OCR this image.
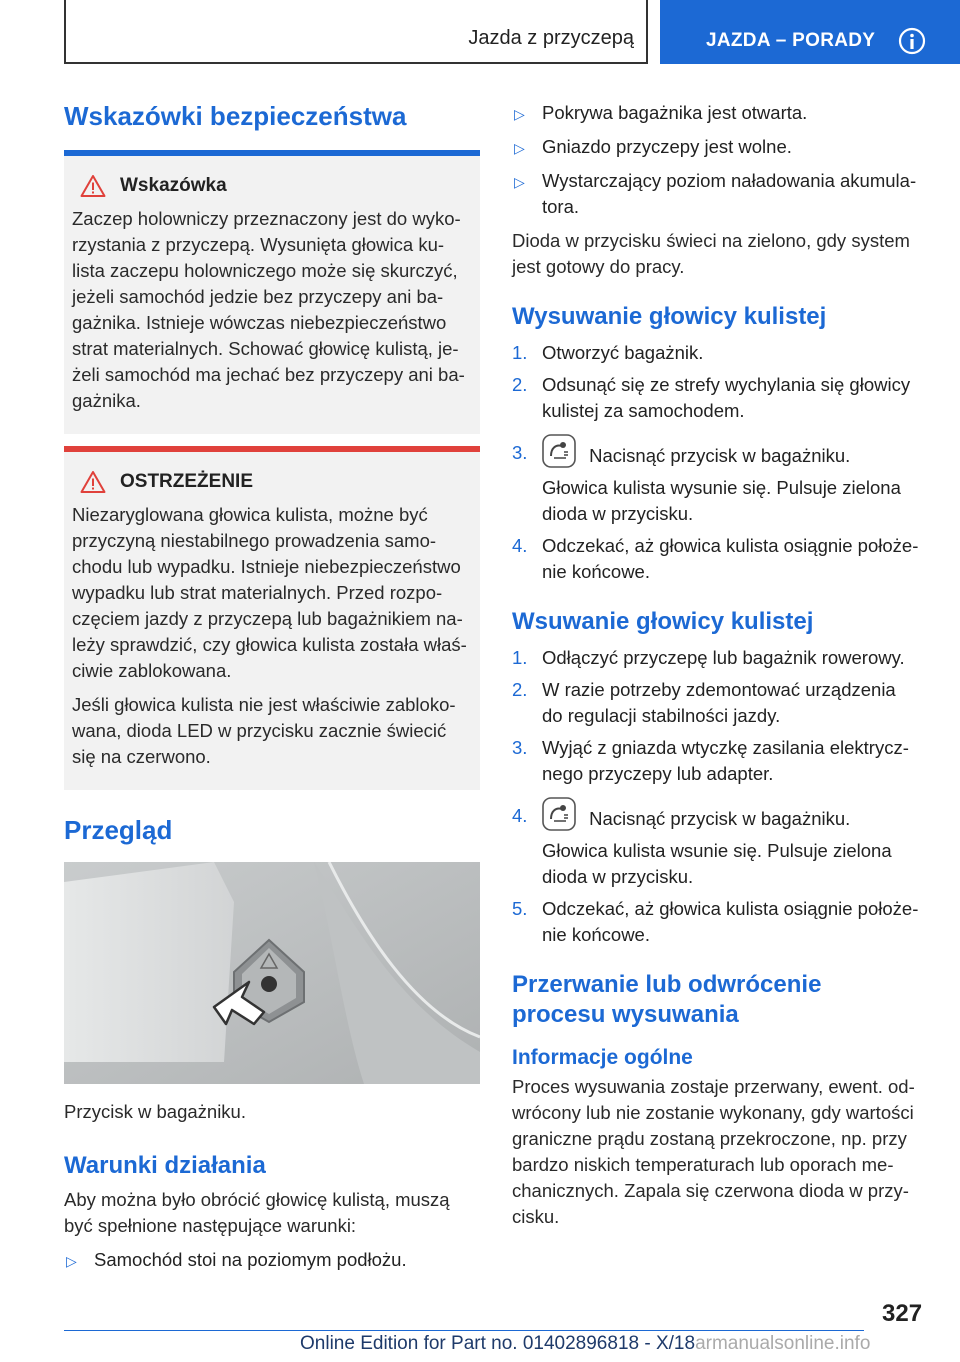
Jazda z przyczepą	JAZDA – PORADY
Wskazówki bezpieczeństwa
Wskazówka
Zaczep holowniczy przeznaczony jest do wyko-
rzystania z przyczepą. Wysunięta głowica ku-
lista zaczepu holowniczego może się skurczyć,
jeżeli samochód jedzie bez przyczepy ani ba-
gażnika. Istnieje wówczas niebezpieczeństwo
strat materialnych. Schować głowicę kulistą, je-
żeli samochód ma jechać bez przyczepy ani ba-
gażnika.
OSTRZEŻENIE
Niezaryglowana głowica kulista, możne być
przyczyną niestabilnego prowadzenia samo-
chodu lub wypadku. Istnieje niebezpieczeństwo
wypadku lub strat materialnych. Przed rozpo-
częciem jazdy z przyczepą lub bagażnikiem na-
leży sprawdzić, czy głowica kulista została właś-
ciwie zablokowana.
Jeśli głowica kulista nie jest właściwie zabloko-
wana, dioda LED w przycisku zacznie świecić
się na czerwono.
Przegląd
Przycisk w bagażniku.
Warunki działania
Aby można było obrócić głowicę kulistą, muszą
być spełnione następujące warunki:
▷ Samochód stoi na poziomym podłożu.
▷ Pokrywa bagażnika jest otwarta.
▷ Gniazdo przyczepy jest wolne.
▷ Wystarczający poziom naładowania akumula-
tora.
Dioda w przycisku świeci na zielono, gdy system
jest gotowy do pracy.
Wysuwanie głowicy kulistej
1. Otworzyć bagażnik.
2. Odsunąć się ze strefy wychylania się głowicy
kulistej za samochodem.
3.	Nacisnąć przycisk w bagażniku.
Głowica kulista wysunie się. Pulsuje zielona
dioda w przycisku.
4. Odczekać, aż głowica kulista osiągnie położe-
nie końcowe.
Wsuwanie głowicy kulistej
1. Odłączyć przyczepę lub bagażnik rowerowy.
2. W razie potrzeby zdemontować urządzenia
do regulacji stabilności jazdy.
3. Wyjąć z gniazda wtyczkę zasilania elektrycz-
nego przyczepy lub adapter.
4.	Nacisnąć przycisk w bagażniku.
Głowica kulista wsunie się. Pulsuje zielona
dioda w przycisku.
5. Odczekać, aż głowica kulista osiągnie położe-
nie końcowe.
Przerwanie lub odwrócenie
procesu wysuwania
Informacje ogólne
Proces wysuwania zostaje przerwany, ewent. od-
wrócony lub nie zostanie wykonany, gdy wartości
graniczne prądu zostaną przekroczone, np. przy
bardzo niskich temperaturach lub oporach me-
chanicznych. Zapala się czerwona dioda w przy-
cisku.
327
Online Edition for Part no. 01402896818 - X/18armanualsonline.info
